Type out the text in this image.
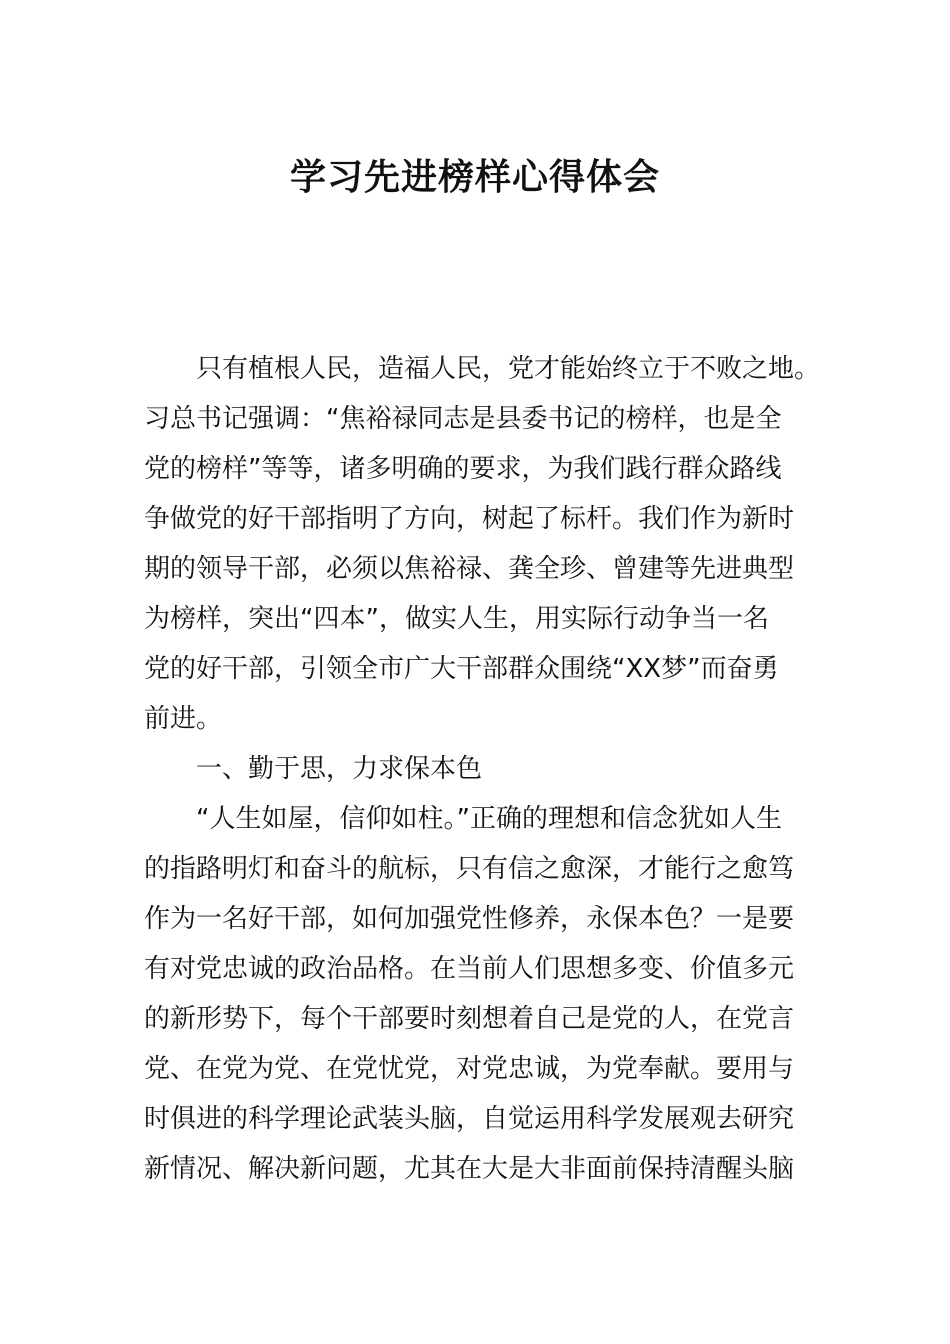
学习先进榜样心得体会

只有植根人民，造福人民，党才能始终立于不败之地。

习总书记强调：“焦裕禄同志是县委书记的榜样，也是全

党的榜样”等等，诸多明确的要求，为我们践行群众路线

争做党的好干部指明了方向，树起了标杆。我们作为新时

期的领导干部，必须以焦裕禄、龚全珍、曾建等先进典型

为榜样，突出“四本”，做实人生，用实际行动争当一名

党的好干部，引领全市广大干部群众围绕“XX梦”而奋勇

前进。

一、勤于思，力求保本色

“人生如屋，信仰如柱。”正确的理想和信念犹如人生

的指路明灯和奋斗的航标，只有信之愈深，才能行之愈笃

作为一名好干部，如何加强党性修养，永保本色？一是要

有对党忠诚的政治品格。在当前人们思想多变、价值多元

的新形势下，每个干部要时刻想着自己是党的人，在党言

党、在党为党、在党忧党，对党忠诚，为党奉献。要用与

时俱进的科学理论武装头脑，自觉运用科学发展观去研究

新情况、解决新问题，尤其在大是大非面前保持清醒头脑
